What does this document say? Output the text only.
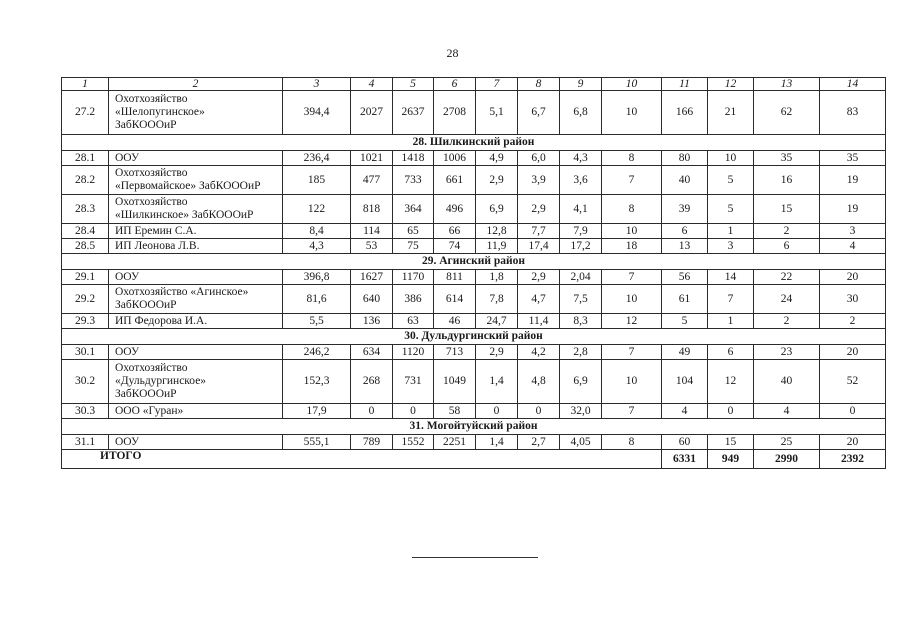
28
1	2	3	4	5	6	7	8	9	10	11	12	13	14
27.2	Охотхозяйство
«Шелопугинское»
ЗабКОООиР	394,4	2027	2637	2708	5,1	6,7	6,8	10	166	21	62	83
28. Шилкинский район													
28.1	ООУ	236,4	1021	1418	1006	4,9	6,0	4,3	8	80	10	35	35
28.2	Охотхозяйство
«Первомайское» ЗабКОООиР	185	477	733	661	2,9	3,9	3,6	7	40	5	16	19
28.3	Охотхозяйство
«Шилкинское» ЗабКОООиР	122	818	364	496	6,9	2,9	4,1	8	39	5	15	19
28.4	ИП Еремин С.А.	8,4	114	65	66	12,8	7,7	7,9	10	6	1	2	3
28.5	ИП Леонова Л.В.	4,3	53	75	74	11,9	17,4	17,2	18	13	3	6	4
29. Агинский район													
29.1	ООУ	396,8	1627	1170	811	1,8	2,9	2,04	7	56	14	22	20
29.2	Охотхозяйство «Агинское»
ЗабКОООиР	81,6	640	386	614	7,8	4,7	7,5	10	61	7	24	30
29.3	ИП Федорова И.А.	5,5	136	63	46	24,7	11,4	8,3	12	5	1	2	2
30. Дульдургинский район													
30.1	ООУ	246,2	634	1120	713	2,9	4,2	2,8	7	49	6	23	20
30.2	Охотхозяйство
«Дульдургинское»
ЗабКОООиР	152,3	268	731	1049	1,4	4,8	6,9	10	104	12	40	52
30.3	ООО «Гуран»	17,9	0	0	58	0	0	32,0	7	4	0	4	0
31. Могойтуйский район													
31.1	ООУ	555,1	789	1552	2251	1,4	2,7	4,05	8	60	15	25	20
ИТОГО										6331	949	2990	2392
